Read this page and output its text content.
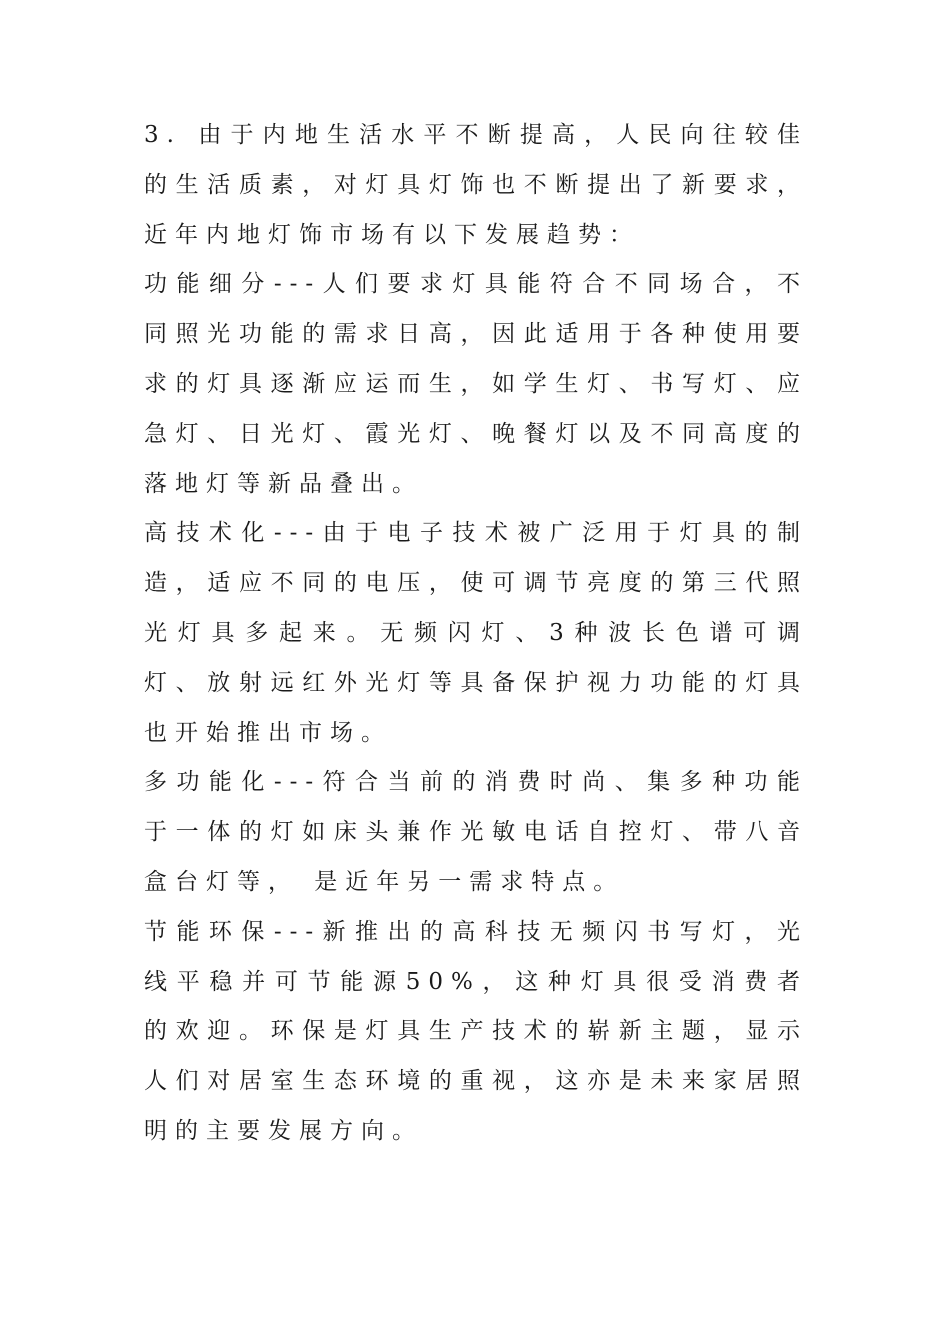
3. 由于内地生活水平不断提高，人民向往较佳的生活质素，对灯具灯饰也不断提出了新要求， 近年内地灯饰市场有以下发展趋势：

功能细分---人们要求灯具能符合不同场合，不同照光功能的需求日高，因此适用于各种使用要求的灯具逐渐应运而生，如学生灯、书写灯、应急灯、日光灯、霞光灯、晚餐灯以及不同高度的落地灯等新品叠出。

高技术化---由于电子技术被广泛用于灯具的制造，适应不同的电压，使可调节亮度的第三代照光灯具多起来。无频闪灯、3种波长色谱可调灯、放射远红外光灯等具备保护视力功能的灯具也开始推出市场。

多功能化---符合当前的消费时尚、集多种功能于一体的灯如床头兼作光敏电话自控灯、带八音盒台灯等， 是近年另一需求特点。

节能环保---新推出的高科技无频闪书写灯，光线平稳并可节能源50%，这种灯具很受消费者的欢迎。环保是灯具生产技术的崭新主题，显示人们对居室生态环境的重视，这亦是未来家居照明的主要发展方向。
